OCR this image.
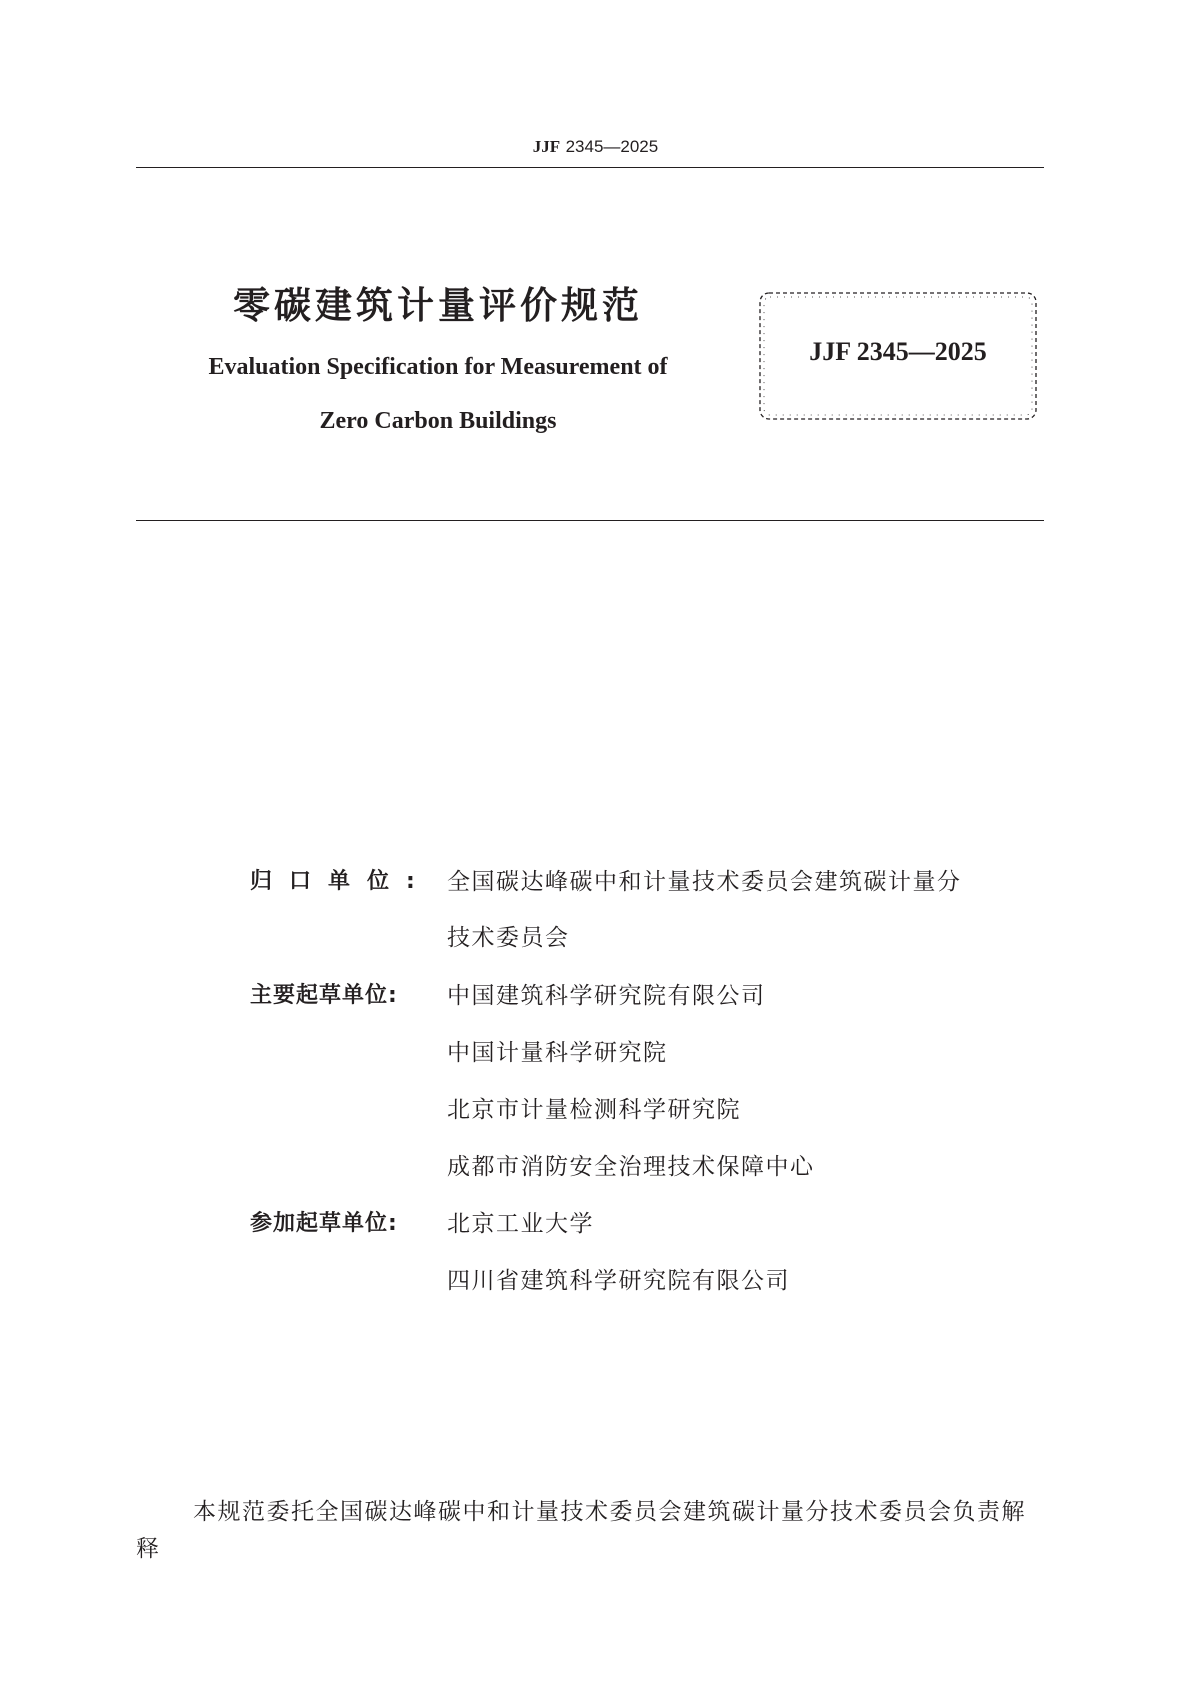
JJF 2345—2025
零碳建筑计量评价规范
Evaluation Specification for Measurement of
Zero Carbon Buildings
JJF 2345—2025
归口单位:	全国碳达峰碳中和计量技术委员会建筑碳计量分
技术委员会
主要起草单位:	中国建筑科学研究院有限公司
中国计量科学研究院
北京市计量检测科学研究院
成都市消防安全治理技术保障中心
参加起草单位:	北京工业大学
四川省建筑科学研究院有限公司
本规范委托全国碳达峰碳中和计量技术委员会建筑碳计量分技术委员会负责解释
